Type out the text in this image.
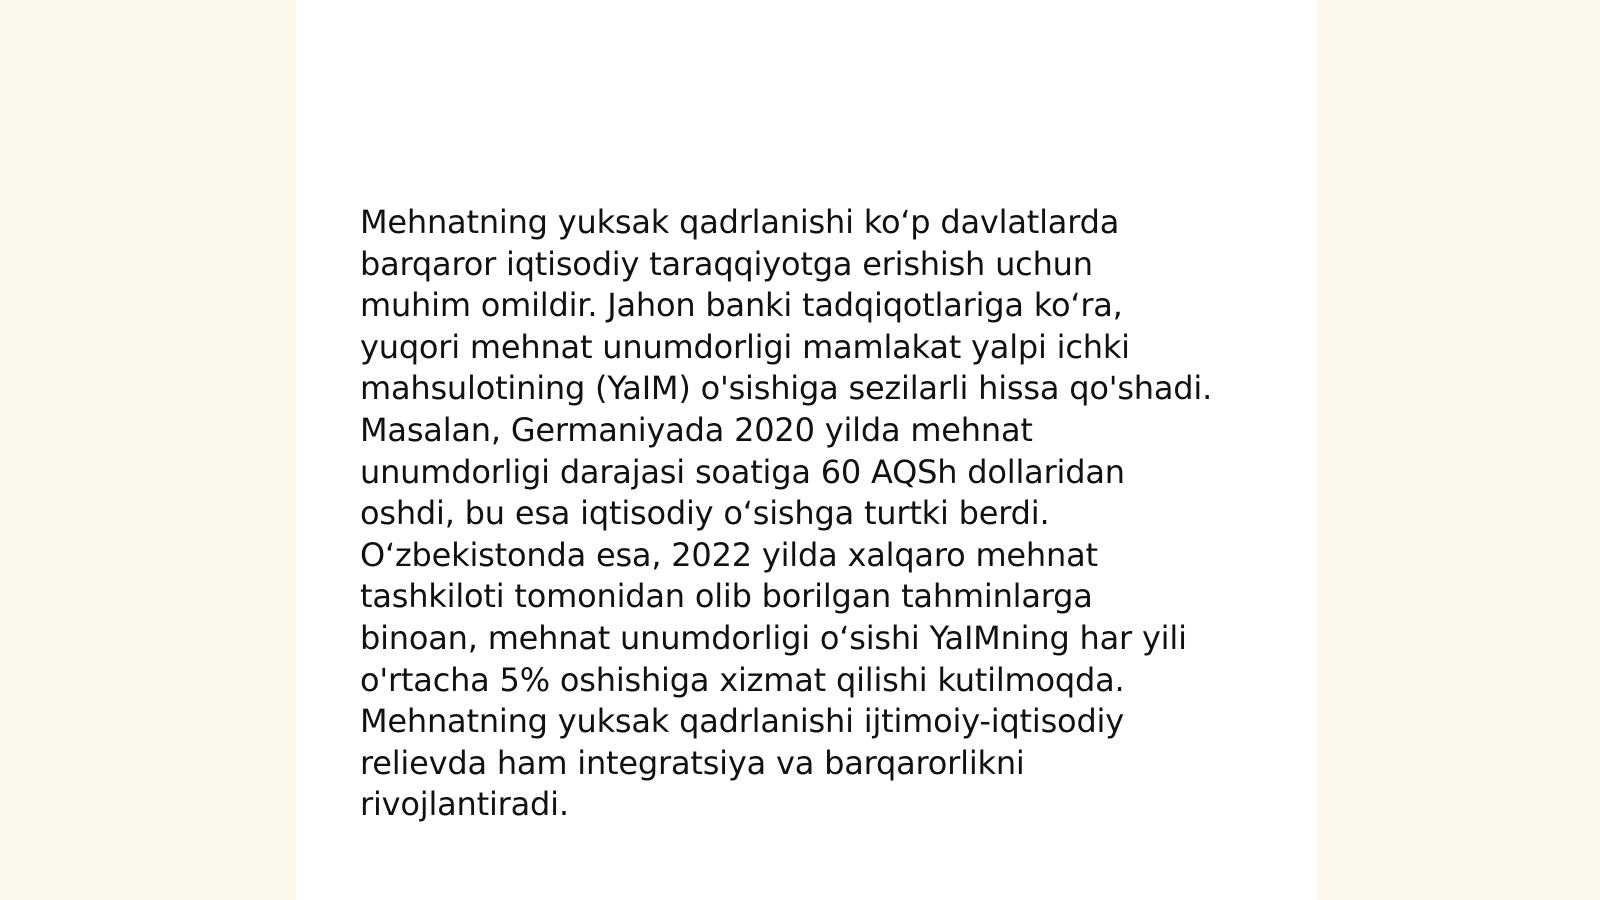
Mehnatning yuksak qadrlanishi ko‘p davlatlarda
barqaror iqtisodiy taraqqiyotga erishish uchun
muhim omildir. Jahon banki tadqiqotlariga ko‘ra,
yuqori mehnat unumdorligi mamlakat yalpi ichki
mahsulotining (YaIM) o'sishiga sezilarli hissa qo'shadi.
Masalan, Germaniyada 2020 yilda mehnat
unumdorligi darajasi soatiga 60 AQSh dollaridan
oshdi, bu esa iqtisodiy o‘sishga turtki berdi.
O‘zbekistonda esa, 2022 yilda xalqaro mehnat
tashkiloti tomonidan olib borilgan tahminlarga
binoan, mehnat unumdorligi o‘sishi YaIMning har yili
o'rtacha 5% oshishiga xizmat qilishi kutilmoqda.
Mehnatning yuksak qadrlanishi ijtimoiy-iqtisodiy
relievda ham integratsiya va barqarorlikni
rivojlantiradi.
